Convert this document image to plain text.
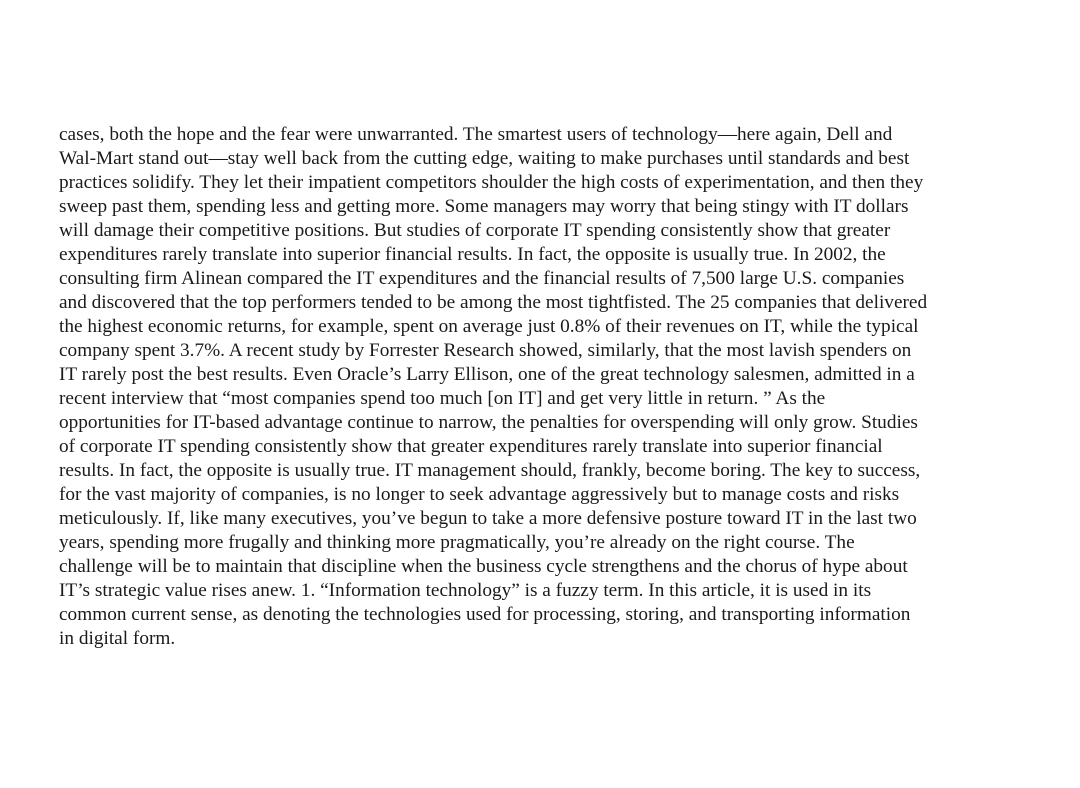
cases, both the hope and the fear were unwarranted. The smartest users of technology—here again, Dell and
Wal-Mart stand out—stay well back from the cutting edge, waiting to make purchases until standards and best
practices solidify. They let their impatient competitors shoulder the high costs of experimentation, and then they
sweep past them, spending less and getting more. Some managers may worry that being stingy with IT dollars
will damage their competitive positions. But studies of corporate IT spending consistently show that greater
expenditures rarely translate into superior financial results. In fact, the opposite is usually true. In 2002, the
consulting firm Alinean compared the IT expenditures and the financial results of 7,500 large U.S. companies
and discovered that the top performers tended to be among the most tightfisted. The 25 companies that delivered
the highest economic returns, for example, spent on average just 0.8% of their revenues on IT, while the typical
company spent 3.7%. A recent study by Forrester Research showed, similarly, that the most lavish spenders on
IT rarely post the best results. Even Oracle’s Larry Ellison, one of the great technology salesmen, admitted in a
recent interview that “most companies spend too much [on IT] and get very little in return. ” As the
opportunities for IT-based advantage continue to narrow, the penalties for overspending will only grow. Studies
of corporate IT spending consistently show that greater expenditures rarely translate into superior financial
results. In fact, the opposite is usually true. IT management should, frankly, become boring. The key to success,
for the vast majority of companies, is no longer to seek advantage aggressively but to manage costs and risks
meticulously. If, like many executives, you’ve begun to take a more defensive posture toward IT in the last two
years, spending more frugally and thinking more pragmatically, you’re already on the right course. The
challenge will be to maintain that discipline when the business cycle strengthens and the chorus of hype about
IT’s strategic value rises anew. 1. “Information technology” is a fuzzy term. In this article, it is used in its
common current sense, as denoting the technologies used for processing, storing, and transporting information
in digital form.
